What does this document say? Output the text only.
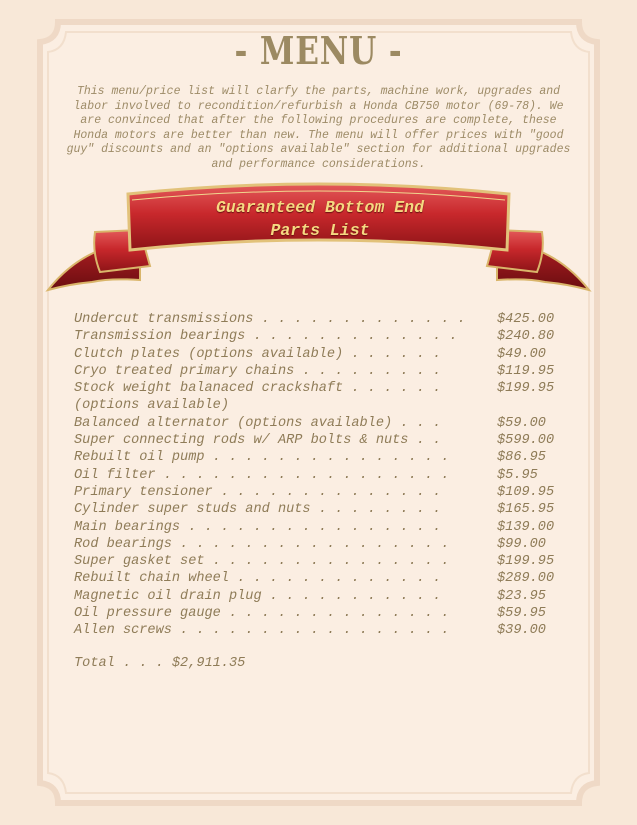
- MENU -
This menu/price list will clarfy the parts, machine work, upgrades and labor involved to recondition/refurbish a Honda CB750 motor (69-78). We are convinced that after the following procedures are complete, these Honda motors are better than new. The menu will offer prices with "good guy" discounts and an "options available" section for additional upgrades and performance considerations.
Guaranteed Bottom End
Parts List
Undercut transmissions . . . . . . . . . . . . . $425.00
Transmission bearings . . . . . . . . . . . . .	$240.80
Clutch plates (options available) . . . . . .	$49.00
Cryo treated primary chains . . . . . . . . .	$119.95
Stock weight balanaced crackshaft . . . . . .	$199.95
(options available)
Balanced alternator (options available) . . .	$59.00
Super connecting rods w/ ARP bolts & nuts . .	$599.00
Rebuilt oil pump . . . . . . . . . . . . . . .	$86.95
Oil filter . . . . . . . . . . . . . . . . . .	$5.95
Primary tensioner . . . . . . . . . . . . . .	$109.95
Cylinder super studs and nuts . . . . . . . .	$165.95
Main bearings . . . . . . . . . . . . . . . .	$139.00
Rod bearings . . . . . . . . . . . . . . . . .	$99.00
Super gasket set . . . . . . . . . . . . . . .	$199.95
Rebuilt chain wheel . . . . . . . . . . . . .	$289.00
Magnetic oil drain plug . . . . . . . . . . .	$23.95
Oil pressure gauge . . . . . . . . . . . . . .	$59.95
Allen screws . . . . . . . . . . . . . . . . .	$39.00
Total . . . $2,911.35
